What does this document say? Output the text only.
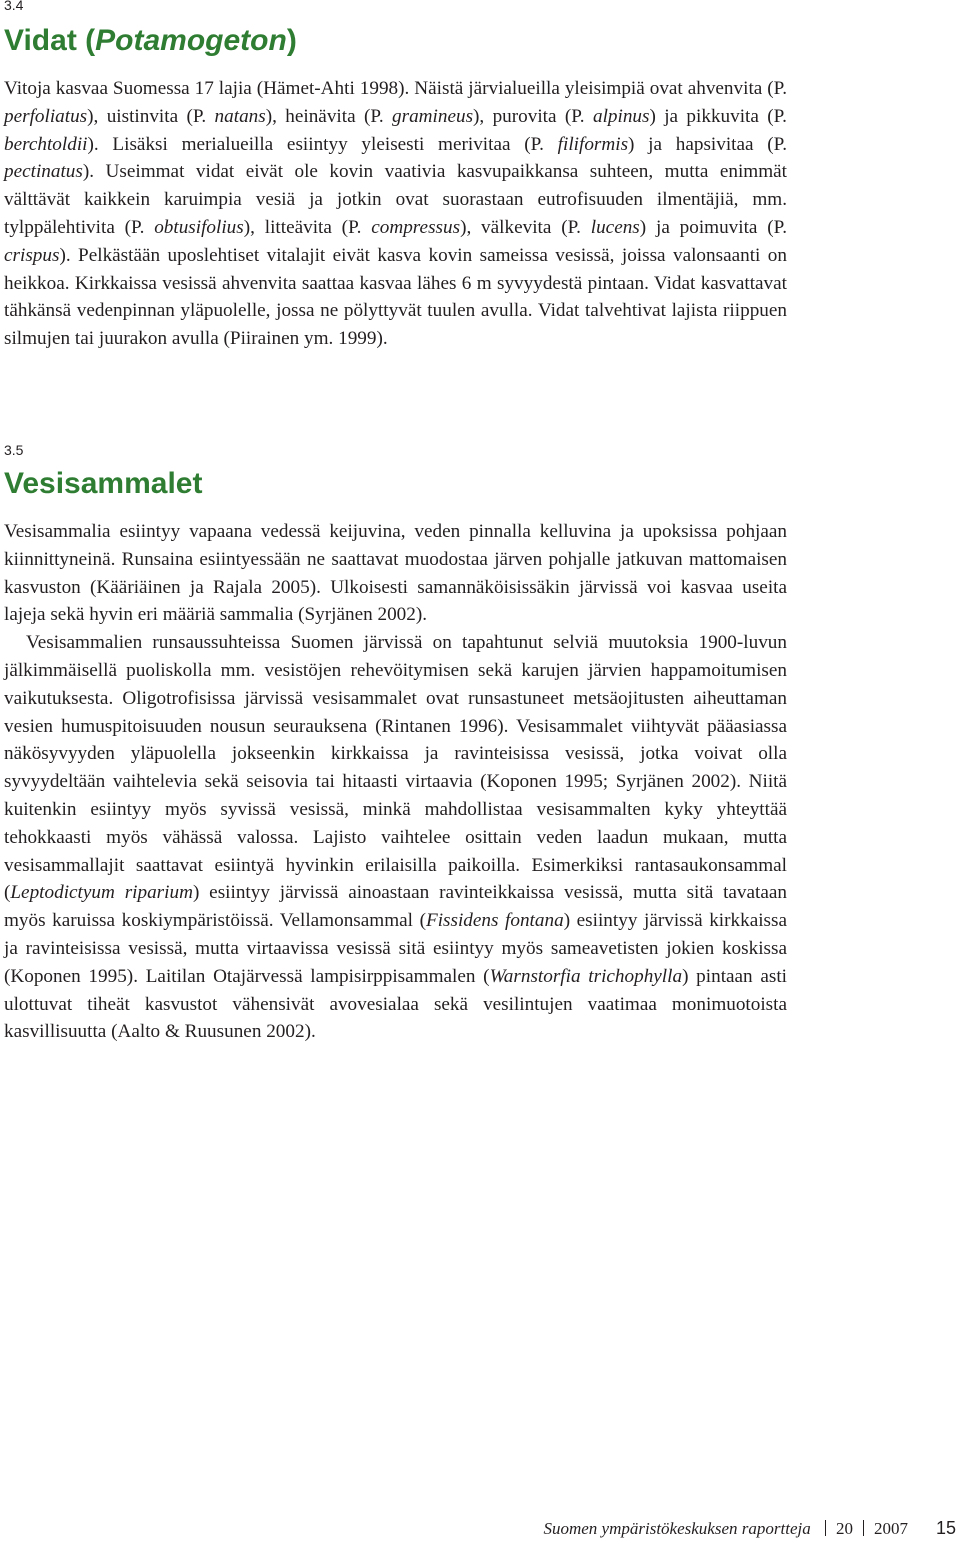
3.4
Vidat (Potamogeton)

Vitoja kasvaa Suomessa 17 lajia (Hämet-Ahti 1998). Näistä järvialueilla yleisimpiä ovat ahvenvita (P. perfoliatus), uistinvita (P. natans), heinävita (P. gramineus), purovita (P. alpinus) ja pikkuvita (P. berchtoldii). Lisäksi merialueilla esiintyy yleisesti merivitaa (P. filiformis) ja hapsivitaa (P. pectinatus). Useimmat vidat eivät ole kovin vaativia kasvupaikkansa suhteen, mutta enimmät välttävät kaikkein karuimpia vesiä ja jotkin ovat suorastaan eutrofisuuden ilmentäjiä, mm. tylppälehtivita (P. obtusifolius), litteävita (P. compressus), välkevita (P. lucens) ja poimuvita (P. crispus). Pelkästään uposlehtiset vitalajit eivät kasva kovin sameissa vesissä, joissa valonsaanti on heikkoa. Kirkkaissa vesissä ahvenvita saattaa kasvaa lähes 6 m syvyydestä pintaan. Vidat kasvattavat tähkänsä vedenpinnan yläpuolelle, jossa ne pölyttyvät tuulen avulla. Vidat talvehtivat lajista riippuen silmujen tai juurakon avulla (Piirainen ym. 1999).

3.5
Vesisammalet

Vesisammalia esiintyy vapaana vedessä keijuvina, veden pinnalla kelluvina ja upoksissa pohjaan kiinnittyneinä. Runsaina esiintyessään ne saattavat muodostaa järven pohjalle jatkuvan mattomaisen kasvuston (Kääriäinen ja Rajala 2005). Ulkoisesti samannäköisissäkin järvissä voi kasvaa useita lajeja sekä hyvin eri määriä sammalia (Syrjänen 2002).

Vesisammalien runsaussuhteissa Suomen järvissä on tapahtunut selviä muutoksia 1900-luvun jälkimmäisellä puoliskolla mm. vesistöjen rehevöitymisen sekä karujen järvien happamoitumisen vaikutuksesta. Oligotrofisissa järvissä vesisammalet ovat runsastuneet metsäojitusten aiheuttaman vesien humuspitoisuuden nousun seurauksena (Rintanen 1996). Vesisammalet viihtyvät pääasiassa näkösyvyyden yläpuolella jokseenkin kirkkaissa ja ravinteisissa vesissä, jotka voivat olla syvyydeltään vaihtelevia sekä seisovia tai hitaasti virtaavia (Koponen 1995; Syrjänen 2002). Niitä kuitenkin esiintyy myös syvissä vesissä, minkä mahdollistaa vesisammalten kyky yhteyttää tehokkaasti myös vähässä valossa. Lajisto vaihtelee osittain veden laadun mukaan, mutta vesisammallajit saattavat esiintyä hyvinkin erilaisilla paikoilla. Esimerkiksi rantasaukonsammal (Leptodictyum riparium) esiintyy järvissä ainoastaan ravinteikkaissa vesissä, mutta sitä tavataan myös karuissa koskiympäristöissä. Vellamonsammal (Fissidens fontana) esiintyy järvissä kirkkaissa ja ravinteisissa vesissä, mutta virtaavissa vesissä sitä esiintyy myös sameavetisten jokien koskissa (Koponen 1995). Laitilan Otajärvessä lampisirppisammalen (Warnstorfia trichophylla) pintaan asti ulottuvat tiheät kasvustot vähensivät avovesialaa sekä vesilintujen vaatimaa monimuotoista kasvillisuutta (Aalto & Ruusunen 2002).

Suomen ympäristökeskuksen raportteja 20 2007 15
